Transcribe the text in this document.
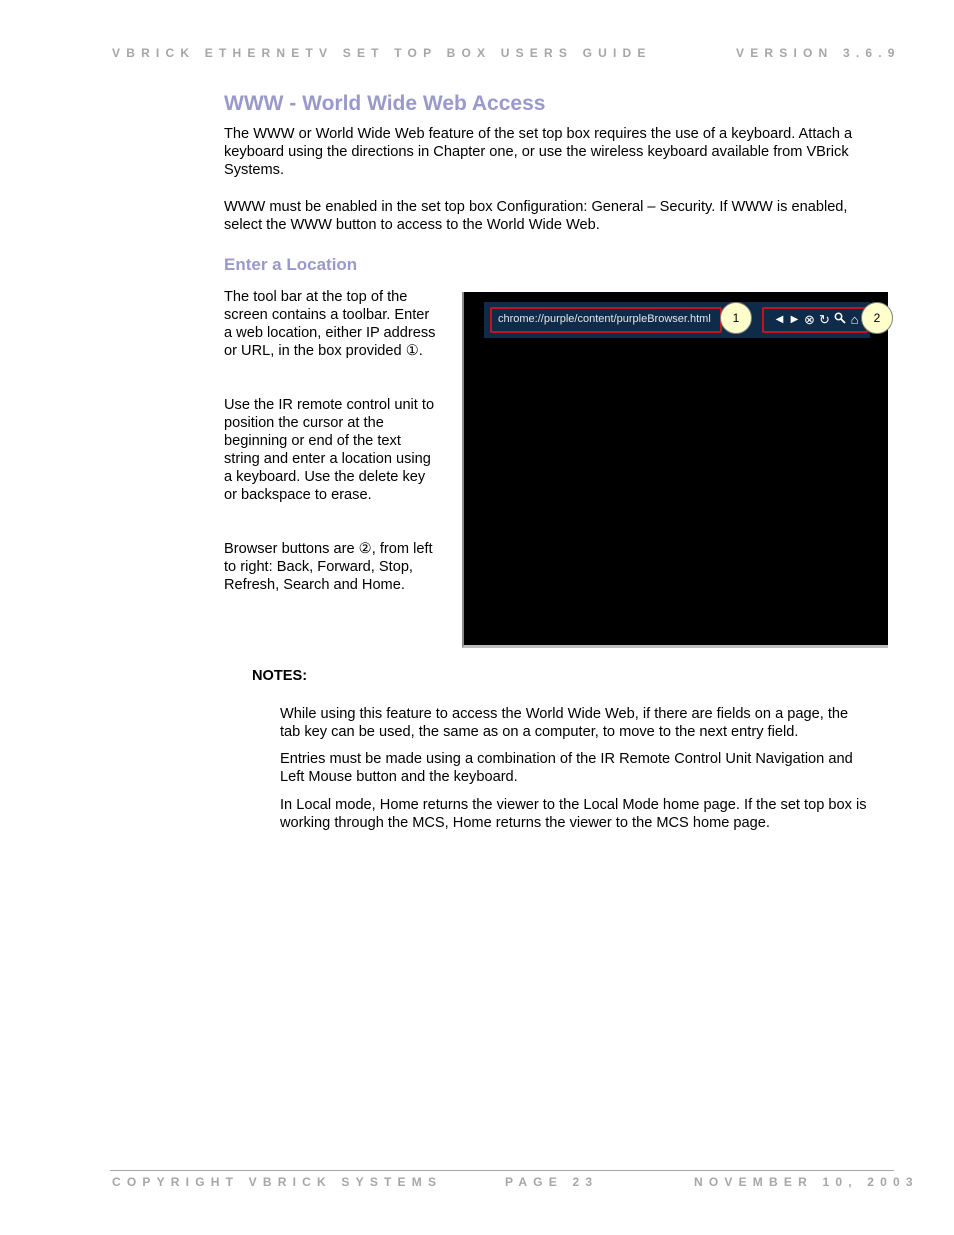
VBRICK ETHERNETV SET TOP BOX USERS GUIDE	VERSION 3.6.9
WWW - World Wide Web Access

The WWW or World Wide Web feature of the set top box requires the use of a keyboard. Attach a keyboard using the directions in Chapter one, or use the wireless keyboard available from VBrick Systems.

WWW must be enabled in the set top box Configuration: General – Security. If WWW is enabled, select the WWW button to access to the World Wide Web.

Enter a Location

The tool bar at the top of the screen contains a toolbar. Enter a web location, either IP address or URL, in the box provided ①.

Use the IR remote control unit to position the cursor at the beginning or end of the text string and enter a location using a keyboard. Use the delete key or backspace to erase.

Browser buttons are ②, from left to right: Back, Forward, Stop, Refresh, Search and Home.

chrome://purple/content/purpleBrowser.html	◀ ▶ ⊗ ↻ ⌂
1	2
NOTES:

While using this feature to access the World Wide Web, if there are fields on a page, the tab key can be used, the same as on a computer, to move to the next entry field.

Entries must be made using a combination of the IR Remote Control Unit Navigation and Left Mouse button and the keyboard.

In Local mode, Home returns the viewer to the Local Mode home page. If the set top box is working through the MCS, Home returns the viewer to the MCS home page.

COPYRIGHT VBRICK SYSTEMS	PAGE 23	NOVEMBER 10, 2003
